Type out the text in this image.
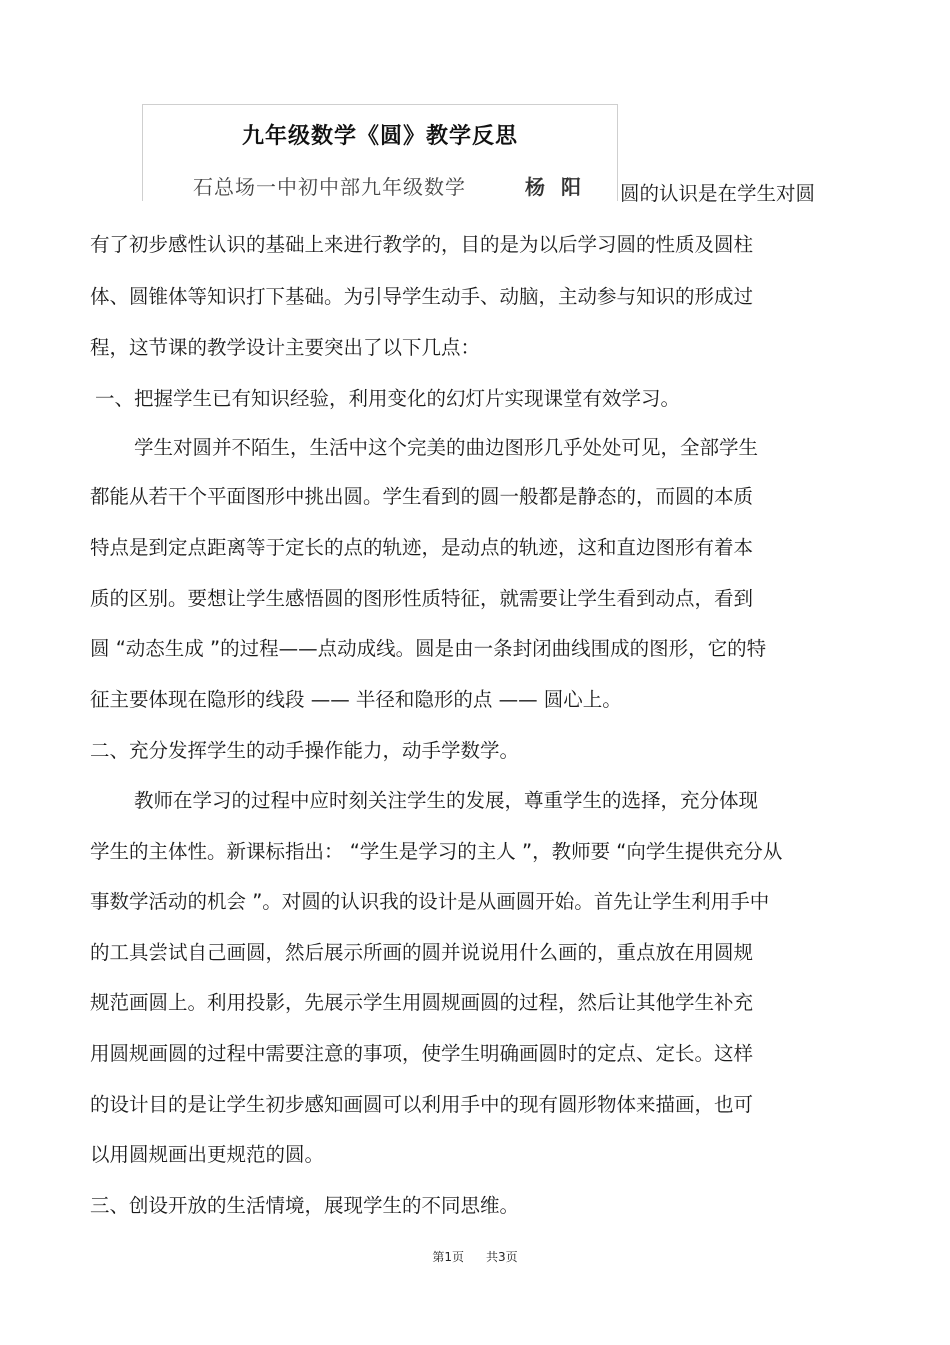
九年级数学《圆》教学反思
石总场一中初中部九年级数学	杨阳 圆的认识是在学生对圆
有了初步感性认识的基础上来进行教学的，目的是为以后学习圆的性质及圆柱
体、圆锥体等知识打下基础。为引导学生动手、动脑，主动参与知识的形成过
程，这节课的教学设计主要突出了以下几点：
一、把握学生已有知识经验，利用变化的幻灯片实现课堂有效学习。
学生对圆并不陌生，生活中这个完美的曲边图形几乎处处可见，全部学生
都能从若干个平面图形中挑出圆。学生看到的圆一般都是静态的，而圆的本质
特点是到定点距离等于定长的点的轨迹，是动点的轨迹，这和直边图形有着本
质的区别。要想让学生感悟圆的图形性质特征，就需要让学生看到动点，看到
圆 “动态生成 ”的过程——点动成线。圆是由一条封闭曲线围成的图形，它的特
征主要体现在隐形的线段 —— 半径和隐形的点 —— 圆心上。
二、充分发挥学生的动手操作能力，动手学数学。
教师在学习的过程中应时刻关注学生的发展，尊重学生的选择，充分体现
学生的主体性。新课标指出： “学生是学习的主人 ”，教师要 “向学生提供充分从
事数学活动的机会 ”。对圆的认识我的设计是从画圆开始。首先让学生利用手中
的工具尝试自己画圆，然后展示所画的圆并说说用什么画的，重点放在用圆规
规范画圆上。利用投影，先展示学生用圆规画圆的过程，然后让其他学生补充
用圆规画圆的过程中需要注意的事项，使学生明确画圆时的定点、定长。这样
的设计目的是让学生初步感知画圆可以利用手中的现有圆形物体来描画，也可
以用圆规画出更规范的圆。
三、创设开放的生活情境，展现学生的不同思维。
第1页 共3页
